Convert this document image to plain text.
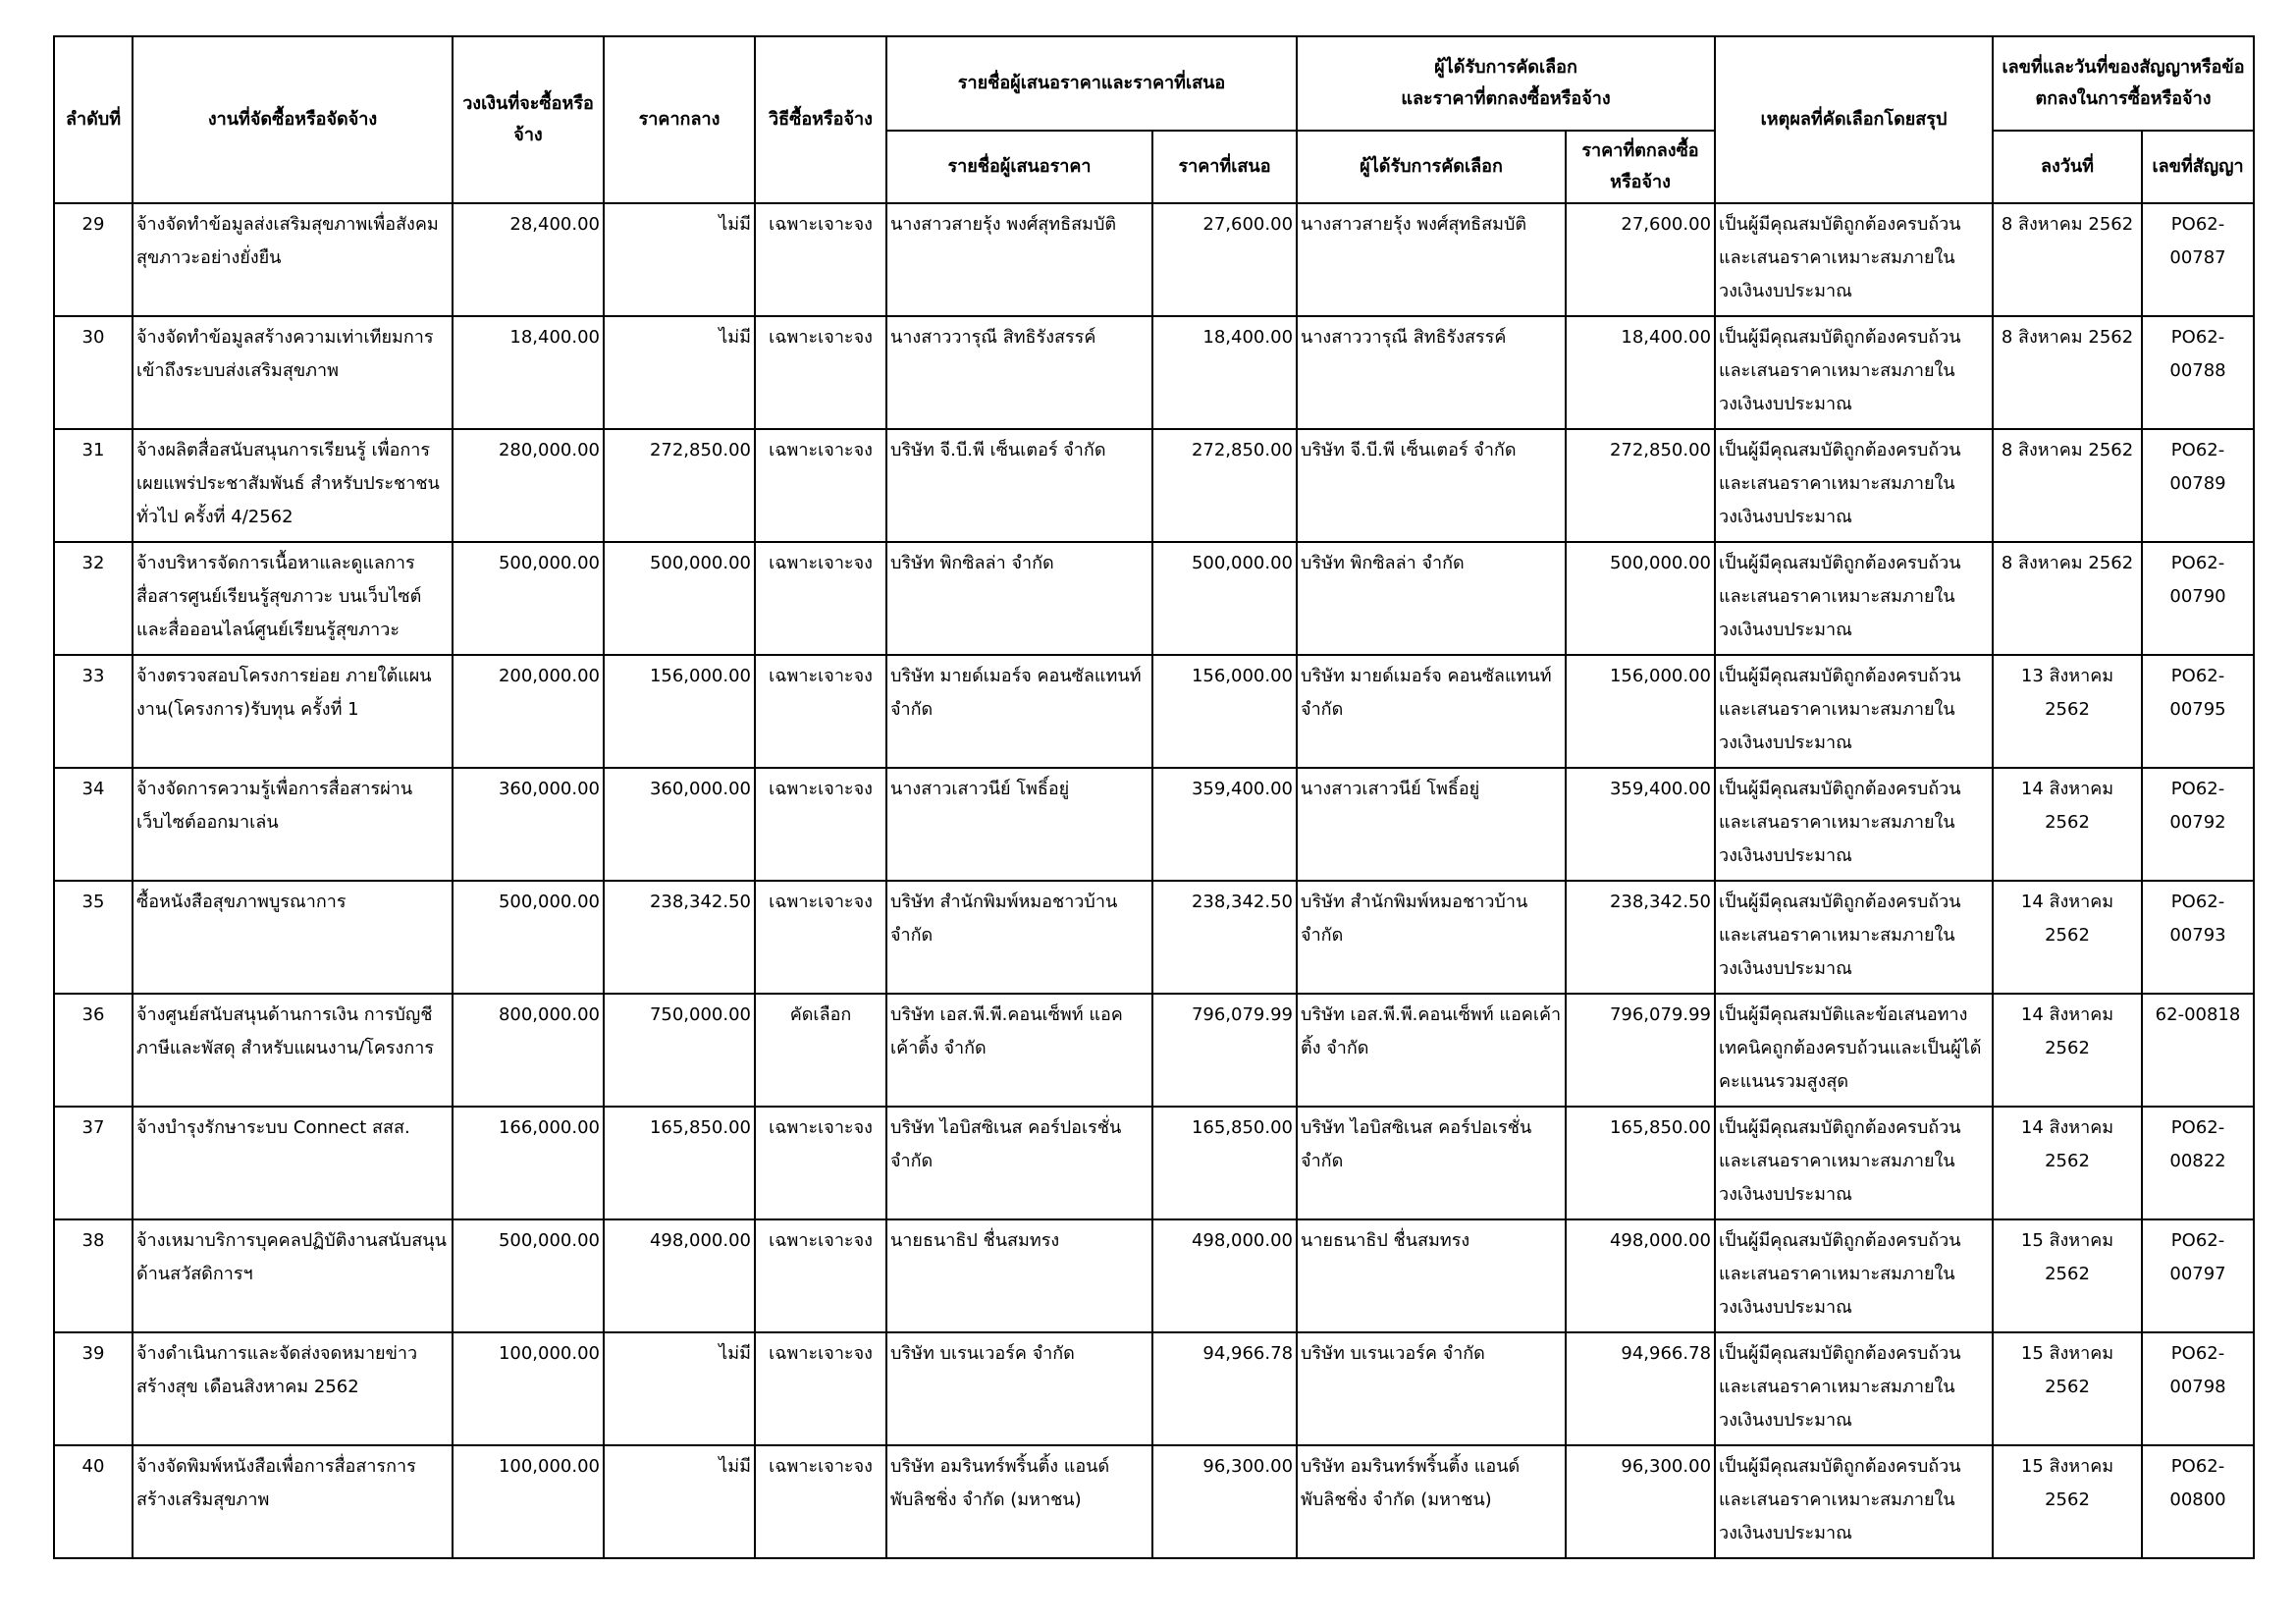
ลำดับที่	งานที่จัดซื้อหรือจัดจ้าง	วงเงินที่จะซื้อหรือจ้าง	ราคากลาง	วิธีซื้อหรือจ้าง	รายชื่อผู้เสนอราคาและราคาที่เสนอ		ผู้ได้รับการคัดเลือก
และราคาที่ตกลงซื้อหรือจ้าง		เหตุผลที่คัดเลือกโดยสรุป	เลขที่และวันที่ของสัญญาหรือข้อตกลงในการซื้อหรือจ้าง	
					รายชื่อผู้เสนอราคา	ราคาที่เสนอ	ผู้ได้รับการคัดเลือก	ราคาที่ตกลงซื้อหรือจ้าง		ลงวันที่	เลขที่สัญญา
29	จ้างจัดทำข้อมูลส่งเสริมสุขภาพเพื่อสังคมสุขภาวะอย่างยั่งยืน	28,400.00	ไม่มี	เฉพาะเจาะจง	นางสาวสายรุ้ง พงศ์สุทธิสมบัติ	27,600.00	นางสาวสายรุ้ง พงศ์สุทธิสมบัติ	27,600.00	เป็นผู้มีคุณสมบัติถูกต้องครบถ้วนและเสนอราคาเหมาะสมภายในวงเงินงบประมาณ	8 สิงหาคม 2562	PO62-00787
30	จ้างจัดทำข้อมูลสร้างความเท่าเทียมการเข้าถึงระบบส่งเสริมสุขภาพ	18,400.00	ไม่มี	เฉพาะเจาะจง	นางสาววารุณี สิทธิรังสรรค์	18,400.00	นางสาววารุณี สิทธิรังสรรค์	18,400.00	เป็นผู้มีคุณสมบัติถูกต้องครบถ้วนและเสนอราคาเหมาะสมภายในวงเงินงบประมาณ	8 สิงหาคม 2562	PO62-00788
31	จ้างผลิตสื่อสนับสนุนการเรียนรู้ เพื่อการเผยแพร่ประชาสัมพันธ์ สำหรับประชาชนทั่วไป ครั้งที่ 4/2562	280,000.00	272,850.00	เฉพาะเจาะจง	บริษัท จี.บี.พี เซ็นเตอร์ จำกัด	272,850.00	บริษัท จี.บี.พี เซ็นเตอร์ จำกัด	272,850.00	เป็นผู้มีคุณสมบัติถูกต้องครบถ้วนและเสนอราคาเหมาะสมภายในวงเงินงบประมาณ	8 สิงหาคม 2562	PO62-00789
32	จ้างบริหารจัดการเนื้อหาและดูแลการสื่อสารศูนย์เรียนรู้สุขภาวะ บนเว็บไซต์และสื่อออนไลน์ศูนย์เรียนรู้สุขภาวะ	500,000.00	500,000.00	เฉพาะเจาะจง	บริษัท พิกซิลล่า จำกัด	500,000.00	บริษัท พิกซิลล่า จำกัด	500,000.00	เป็นผู้มีคุณสมบัติถูกต้องครบถ้วนและเสนอราคาเหมาะสมภายในวงเงินงบประมาณ	8 สิงหาคม 2562	PO62-00790
33	จ้างตรวจสอบโครงการย่อย ภายใต้แผนงาน(โครงการ)รับทุน ครั้งที่ 1	200,000.00	156,000.00	เฉพาะเจาะจง	บริษัท มายด์เมอร์จ คอนซัลแทนท์ จำกัด	156,000.00	บริษัท มายด์เมอร์จ คอนซัลแทนท์ จำกัด	156,000.00	เป็นผู้มีคุณสมบัติถูกต้องครบถ้วนและเสนอราคาเหมาะสมภายในวงเงินงบประมาณ	13 สิงหาคม 2562	PO62-00795
34	จ้างจัดการความรู้เพื่อการสื่อสารผ่านเว็บไซต์ออกมาเล่น	360,000.00	360,000.00	เฉพาะเจาะจง	นางสาวเสาวนีย์ โพธิ์อยู่	359,400.00	นางสาวเสาวนีย์ โพธิ์อยู่	359,400.00	เป็นผู้มีคุณสมบัติถูกต้องครบถ้วนและเสนอราคาเหมาะสมภายในวงเงินงบประมาณ	14 สิงหาคม 2562	PO62-00792
35	ซื้อหนังสือสุขภาพบูรณาการ	500,000.00	238,342.50	เฉพาะเจาะจง	บริษัท สำนักพิมพ์หมอชาวบ้าน จำกัด	238,342.50	บริษัท สำนักพิมพ์หมอชาวบ้าน จำกัด	238,342.50	เป็นผู้มีคุณสมบัติถูกต้องครบถ้วนและเสนอราคาเหมาะสมภายในวงเงินงบประมาณ	14 สิงหาคม 2562	PO62-00793
36	จ้างศูนย์สนับสนุนด้านการเงิน การบัญชี ภาษีและพัสดุ สำหรับแผนงาน/โครงการ	800,000.00	750,000.00	คัดเลือก	บริษัท เอส.พี.พี.คอนเซ็พท์ แอคเค้าติ้ง จำกัด	796,079.99	บริษัท เอส.พี.พี.คอนเซ็พท์ แอคเค้าติ้ง จำกัด	796,079.99	เป็นผู้มีคุณสมบัติและข้อเสนอทางเทคนิคถูกต้องครบถ้วนและเป็นผู้ได้คะแนนรวมสูงสุด	14 สิงหาคม 2562	62-00818
37	จ้างบำรุงรักษาระบบ Connect สสส.	166,000.00	165,850.00	เฉพาะเจาะจง	บริษัท ไอบิสซิเนส คอร์ปอเรชั่น จำกัด	165,850.00	บริษัท ไอบิสซิเนส คอร์ปอเรชั่น จำกัด	165,850.00	เป็นผู้มีคุณสมบัติถูกต้องครบถ้วนและเสนอราคาเหมาะสมภายในวงเงินงบประมาณ	14 สิงหาคม 2562	PO62-00822
38	จ้างเหมาบริการบุคคลปฏิบัติงานสนับสนุนด้านสวัสดิการฯ	500,000.00	498,000.00	เฉพาะเจาะจง	นายธนาธิป ชื่นสมทรง	498,000.00	นายธนาธิป ชื่นสมทรง	498,000.00	เป็นผู้มีคุณสมบัติถูกต้องครบถ้วนและเสนอราคาเหมาะสมภายในวงเงินงบประมาณ	15 สิงหาคม 2562	PO62-00797
39	จ้างดำเนินการและจัดส่งจดหมายข่าวสร้างสุข เดือนสิงหาคม 2562	100,000.00	ไม่มี	เฉพาะเจาะจง	บริษัท บเรนเวอร์ค จำกัด	94,966.78	บริษัท บเรนเวอร์ค จำกัด	94,966.78	เป็นผู้มีคุณสมบัติถูกต้องครบถ้วนและเสนอราคาเหมาะสมภายในวงเงินงบประมาณ	15 สิงหาคม 2562	PO62-00798
40	จ้างจัดพิมพ์หนังสือเพื่อการสื่อสารการสร้างเสริมสุขภาพ	100,000.00	ไม่มี	เฉพาะเจาะจง	บริษัท อมรินทร์พริ้นติ้ง แอนด์ พับลิชชิ่ง จำกัด (มหาชน)	96,300.00	บริษัท อมรินทร์พริ้นติ้ง แอนด์ พับลิชชิ่ง จำกัด (มหาชน)	96,300.00	เป็นผู้มีคุณสมบัติถูกต้องครบถ้วนและเสนอราคาเหมาะสมภายในวงเงินงบประมาณ	15 สิงหาคม 2562	PO62-00800
